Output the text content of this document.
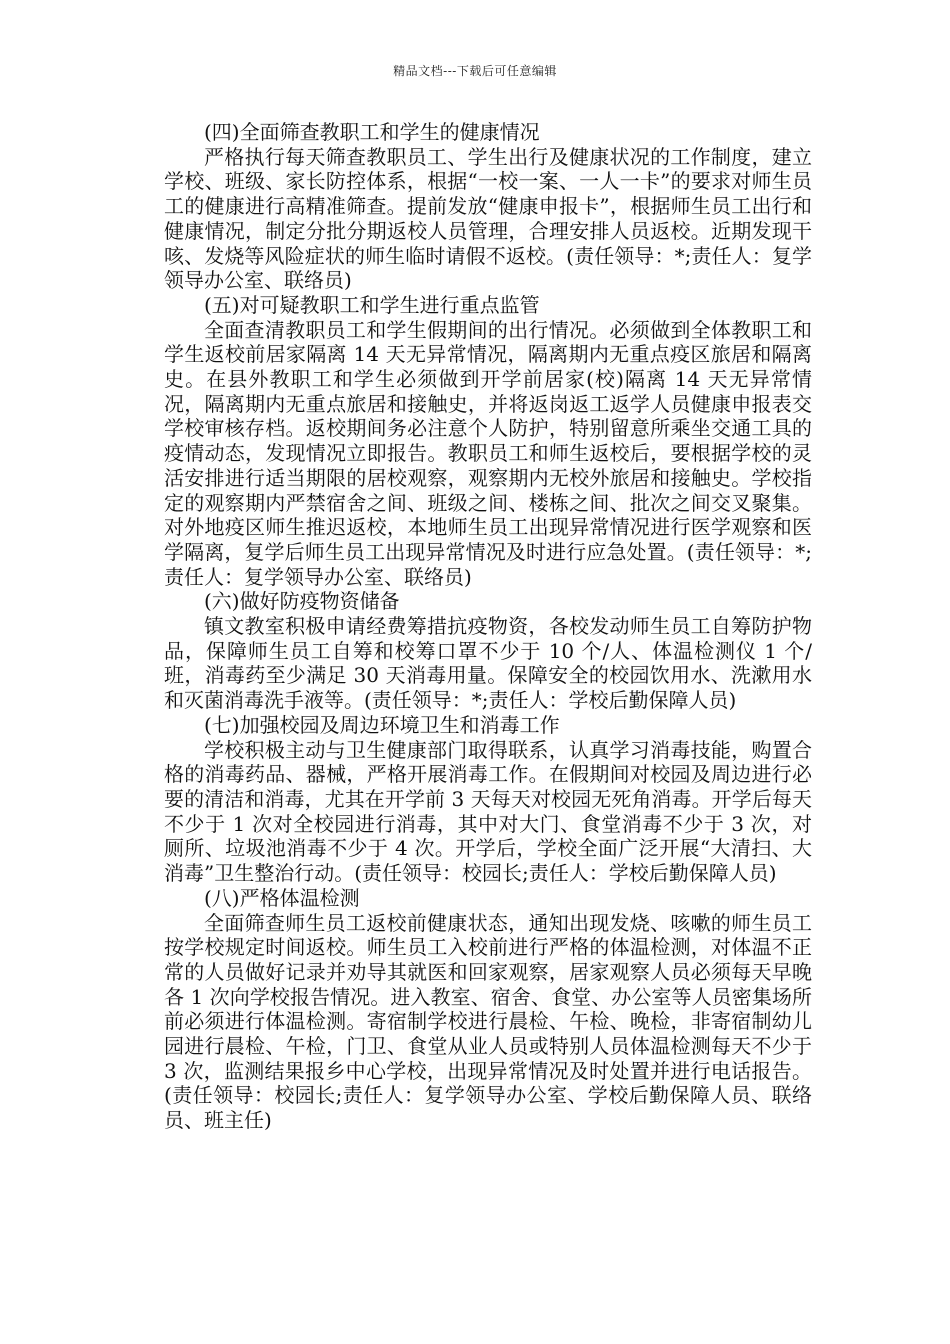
精品文档---下载后可任意编辑

(四)全面筛查教职工和学生的健康情况

严格执行每天筛查教职员工、学生出行及健康状况的工作制度，建立学校、班级、家长防控体系，根据“一校一案、一人一卡”的要求对师生员工的健康进行高精准筛查。提前发放“健康申报卡”，根据师生员工出行和健康情况，制定分批分期返校人员管理，合理安排人员返校。近期发现干咳、发烧等风险症状的师生临时请假不返校。(责任领导：*;责任人：复学领导办公室、联络员)

(五)对可疑教职工和学生进行重点监管

全面查清教职员工和学生假期间的出行情况。必须做到全体教职工和学生返校前居家隔离 14 天无异常情况，隔离期内无重点疫区旅居和隔离史。在县外教职工和学生必须做到开学前居家(校)隔离 14 天无异常情况，隔离期内无重点旅居和接触史，并将返岗返工返学人员健康申报表交学校审核存档。返校期间务必注意个人防护，特别留意所乘坐交通工具的疫情动态，发现情况立即报告。教职员工和师生返校后，要根据学校的灵活安排进行适当期限的居校观察，观察期内无校外旅居和接触史。学校指定的观察期内严禁宿舍之间、班级之间、楼栋之间、批次之间交叉聚集。对外地疫区师生推迟返校，本地师生员工出现异常情况进行医学观察和医学隔离，复学后师生员工出现异常情况及时进行应急处置。(责任领导：*;责任人：复学领导办公室、联络员)

(六)做好防疫物资储备

镇文教室积极申请经费筹措抗疫物资，各校发动师生员工自筹防护物品，保障师生员工自筹和校筹口罩不少于 10 个/人、体温检测仪 1 个/班，消毒药至少满足 30 天消毒用量。保障安全的校园饮用水、洗漱用水和灭菌消毒洗手液等。(责任领导：*;责任人：学校后勤保障人员)

(七)加强校园及周边环境卫生和消毒工作

学校积极主动与卫生健康部门取得联系，认真学习消毒技能，购置合格的消毒药品、器械，严格开展消毒工作。在假期间对校园及周边进行必要的清洁和消毒，尤其在开学前 3 天每天对校园无死角消毒。开学后每天不少于 1 次对全校园进行消毒，其中对大门、食堂消毒不少于 3 次，对厕所、垃圾池消毒不少于 4 次。开学后，学校全面广泛开展“大清扫、大消毒”卫生整治行动。(责任领导：校园长;责任人：学校后勤保障人员)

(八)严格体温检测

全面筛查师生员工返校前健康状态，通知出现发烧、咳嗽的师生员工按学校规定时间返校。师生员工入校前进行严格的体温检测，对体温不正常的人员做好记录并劝导其就医和回家观察，居家观察人员必须每天早晚各 1 次向学校报告情况。进入教室、宿舍、食堂、办公室等人员密集场所前必须进行体温检测。寄宿制学校进行晨检、午检、晚检，非寄宿制幼儿园进行晨检、午检，门卫、食堂从业人员或特别人员体温检测每天不少于 3 次，监测结果报乡中心学校，出现异常情况及时处置并进行电话报告。(责任领导：校园长;责任人：复学领导办公室、学校后勤保障人员、联络员、班主任)
